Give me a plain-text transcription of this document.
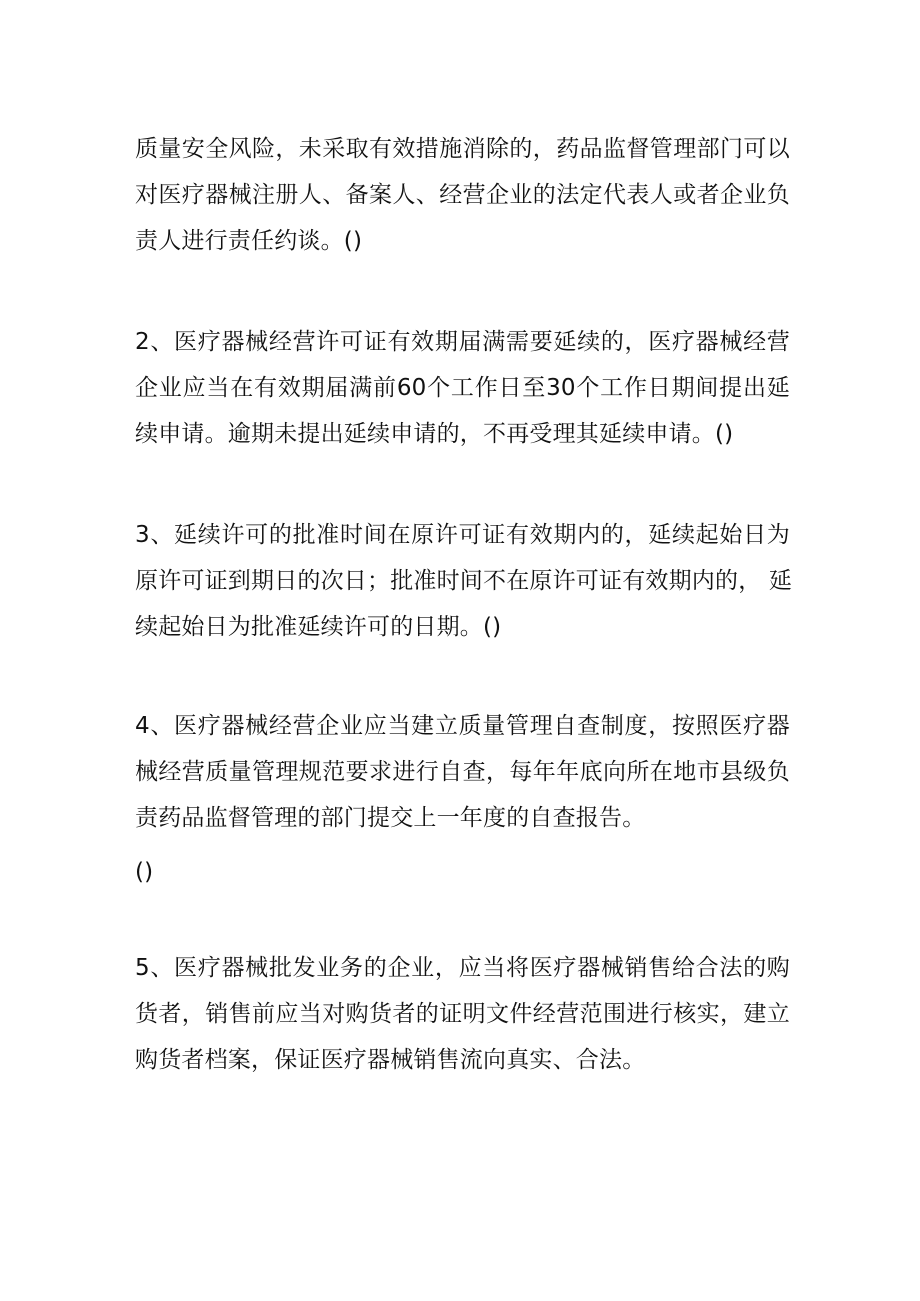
质量安全风险，未采取有效措施消除的，药品监督管理部门可以
对医疗器械注册人、备案人、经营企业的法定代表人或者企业负
责人进行责任约谈。()
2、医疗器械经营许可证有效期届满需要延续的，医疗器械经营
企业应当在有效期届满前60个工作日至30个工作日期间提出延
续申请。逾期未提出延续申请的，不再受理其延续申请。()
3、延续许可的批准时间在原许可证有效期内的，延续起始日为
原许可证到期日的次日；批准时间不在原许可证有效期内的， 延
续起始日为批准延续许可的日期。()
4、医疗器械经营企业应当建立质量管理自查制度，按照医疗器
械经营质量管理规范要求进行自查，每年年底向所在地市县级负
责药品监督管理的部门提交上一年度的自查报告。
()
5、医疗器械批发业务的企业，应当将医疗器械销售给合法的购
货者，销售前应当对购货者的证明文件经营范围进行核实，建立
购货者档案，保证医疗器械销售流向真实、合法。
